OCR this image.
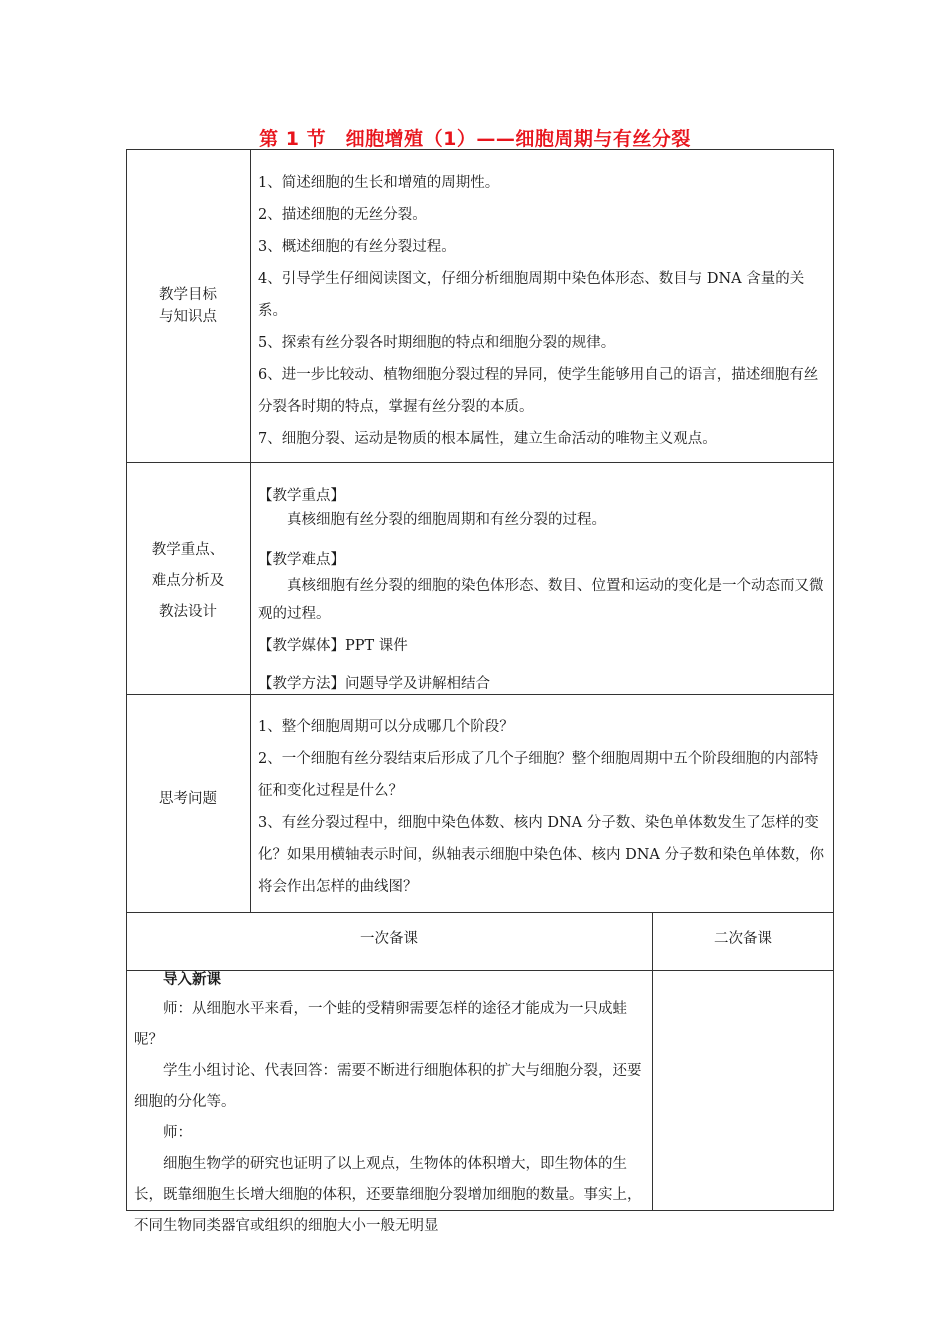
第 1 节　细胞增殖（1）——细胞周期与有丝分裂
教学目标与知识点

1、简述细胞的生长和增殖的周期性。

2、描述细胞的无丝分裂。

3、概述细胞的有丝分裂过程。

4、引导学生仔细阅读图文，仔细分析细胞周期中染色体形态、数目与 DNA 含量的关系。

5、探索有丝分裂各时期细胞的特点和细胞分裂的规律。

6、进一步比较动、植物细胞分裂过程的异同，使学生能够用自己的语言，描述细胞有丝分裂各时期的特点，掌握有丝分裂的本质。

7、细胞分裂、运动是物质的根本属性，建立生命活动的唯物主义观点。

教学重点、难点分析及教法设计

【教学重点】

真核细胞有丝分裂的细胞周期和有丝分裂的过程。

【教学难点】

真核细胞有丝分裂的细胞的染色体形态、数目、位置和运动的变化是一个动态而又微观的过程。

【教学媒体】PPT 课件

【教学方法】问题导学及讲解相结合

思考问题

1、整个细胞周期可以分成哪几个阶段？

2、一个细胞有丝分裂结束后形成了几个子细胞？整个细胞周期中五个阶段细胞的内部特征和变化过程是什么？

3、有丝分裂过程中，细胞中染色体数、核内 DNA 分子数、染色单体数发生了怎样的变化？如果用横轴表示时间，纵轴表示细胞中染色体、核内 DNA 分子数和染色单体数，你将会作出怎样的曲线图？

一次备课	二次备课

导入新课

师：从细胞水平来看，一个蛙的受精卵需要怎样的途径才能成为一只成蛙呢？

学生小组讨论、代表回答：需要不断进行细胞体积的扩大与细胞分裂，还要细胞的分化等。

师：

细胞生物学的研究也证明了以上观点，生物体的体积增大，即生物体的生长，既靠细胞生长增大细胞的体积，还要靠细胞分裂增加细胞的数量。事实上，不同生物同类器官或组织的细胞大小一般无明显
